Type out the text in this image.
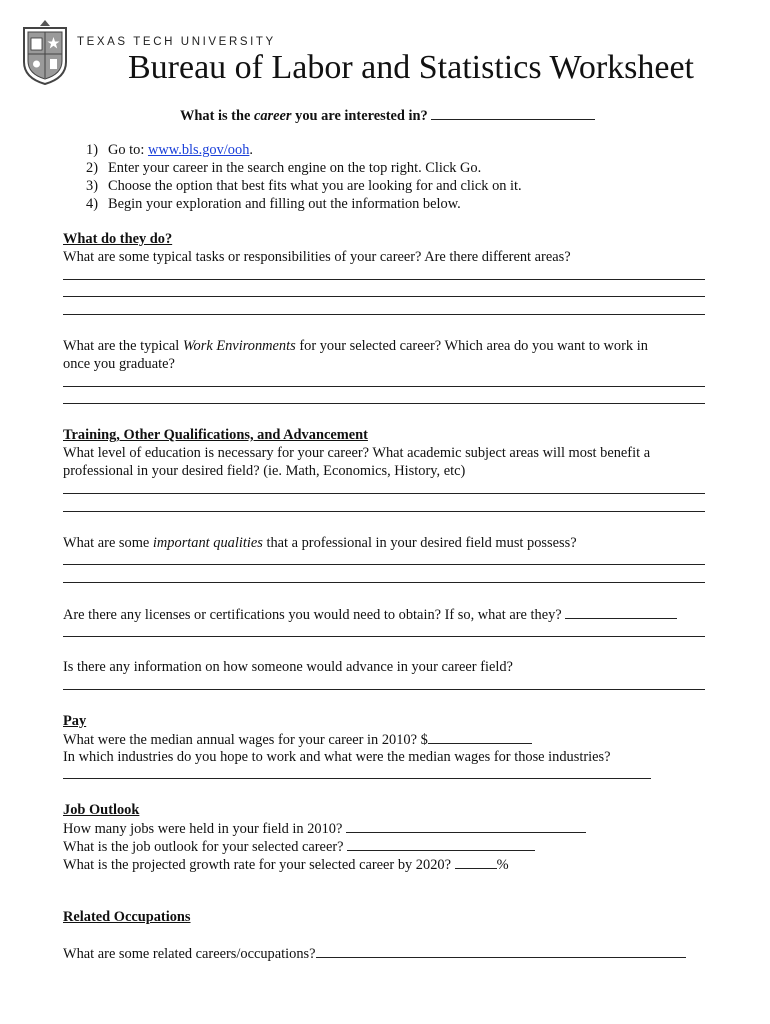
TEXAS TECH UNIVERSITY
Bureau of Labor and Statistics Worksheet
What is the career you are interested in?
1) Go to: www.bls.gov/ooh.
2) Enter your career in the search engine on the top right. Click Go.
3) Choose the option that best fits what you are looking for and click on it.
4) Begin your exploration and filling out the information below.
What do they do?
What are some typical tasks or responsibilities of your career? Are there different areas?
What are the typical Work Environments for your selected career? Which area do you want to work in
once you graduate?
Training, Other Qualifications, and Advancement
What level of education is necessary for your career? What academic subject areas will most benefit a
professional in your desired field? (ie. Math, Economics, History, etc)
What are some important qualities that a professional in your desired field must possess?
Are there any licenses or certifications you would need to obtain? If so, what are they?
Is there any information on how someone would advance in your career field?
Pay
What were the median annual wages for your career in 2010? $
In which industries do you hope to work and what were the median wages for those industries?
Job Outlook
How many jobs were held in your field in 2010?
What is the job outlook for your selected career?
What is the projected growth rate for your selected career by 2020?	%
Related Occupations
What are some related careers/occupations?
